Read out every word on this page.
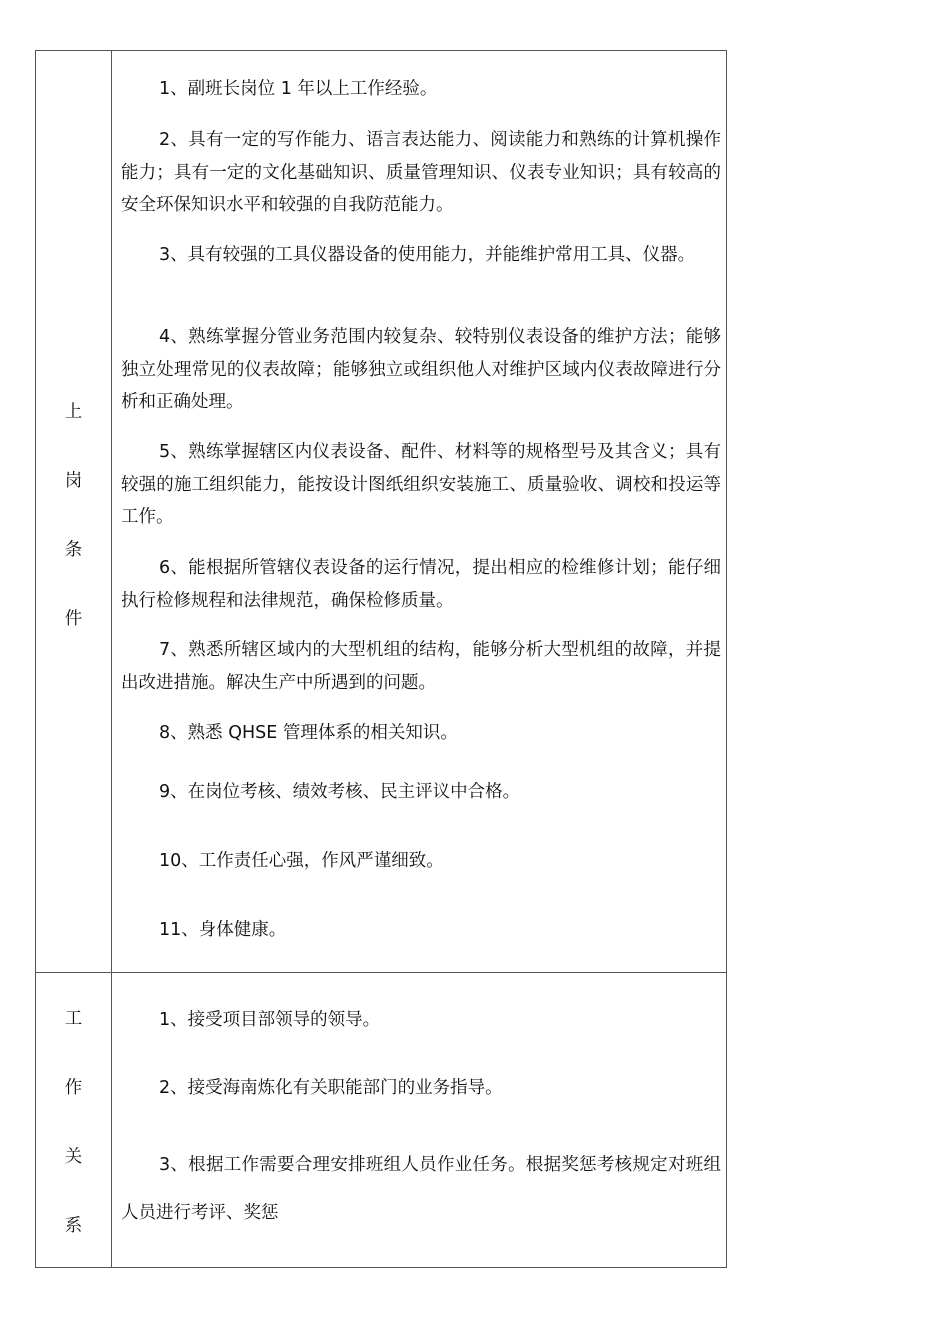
上
岗
条
件
1、副班长岗位 1 年以上工作经验。
2、具有一定的写作能力、语言表达能力、阅读能力和熟练的计算机操作能力；具有一定的文化基础知识、质量管理知识、仪表专业知识；具有较高的安全环保知识水平和较强的自我防范能力。
3、具有较强的工具仪器设备的使用能力，并能维护常用工具、仪器。
4、熟练掌握分管业务范围内较复杂、较特别仪表设备的维护方法；能够独立处理常见的仪表故障；能够独立或组织他人对维护区域内仪表故障进行分析和正确处理。
5、熟练掌握辖区内仪表设备、配件、材料等的规格型号及其含义；具有较强的施工组织能力，能按设计图纸组织安装施工、质量验收、调校和投运等工作。
6、能根据所管辖仪表设备的运行情况，提出相应的检维修计划；能仔细执行检修规程和法律规范，确保检修质量。
7、熟悉所辖区域内的大型机组的结构，能够分析大型机组的故障，并提出改进措施。解决生产中所遇到的问题。
8、熟悉 QHSE 管理体系的相关知识。
9、在岗位考核、绩效考核、民主评议中合格。
10、工作责任心强，作风严谨细致。
11、身体健康。
工
作
关
系
1、接受项目部领导的领导。
2、接受海南炼化有关职能部门的业务指导。
3、根据工作需要合理安排班组人员作业任务。根据奖惩考核规定对班组人员进行考评、奖惩
